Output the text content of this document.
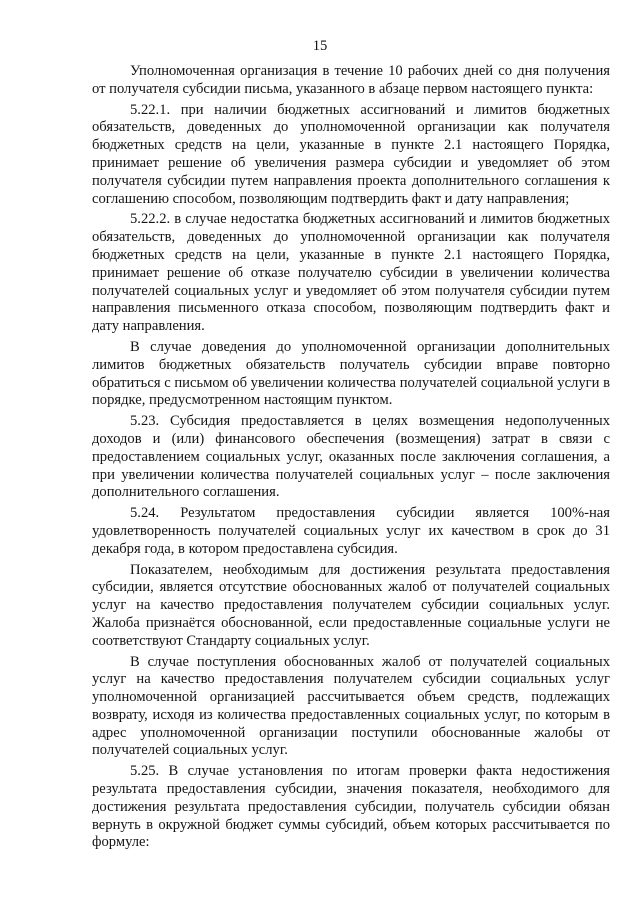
15

Уполномоченная организация в течение 10 рабочих дней со дня получения от получателя субсидии письма, указанного в абзаце первом настоящего пункта:

5.22.1. при наличии бюджетных ассигнований и лимитов бюджетных обязательств, доведенных до уполномоченной организации как получателя бюджетных средств на цели, указанные в пункте 2.1 настоящего Порядка, принимает решение об увеличения размера субсидии и уведомляет об этом получателя субсидии путем направления проекта дополнительного соглашения к соглашению способом, позволяющим подтвердить факт и дату направления;

5.22.2. в случае недостатка бюджетных ассигнований и лимитов бюджетных обязательств, доведенных до уполномоченной организации как получателя бюджетных средств на цели, указанные в пункте 2.1 настоящего Порядка, принимает решение об отказе получателю субсидии в увеличении количества получателей социальных услуг и уведомляет об этом получателя субсидии путем направления письменного отказа способом, позволяющим подтвердить факт и дату направления.

В случае доведения до уполномоченной организации дополнительных лимитов бюджетных обязательств получатель субсидии вправе повторно обратиться с письмом об увеличении количества получателей социальной услуги в порядке, предусмотренном настоящим пунктом.

5.23. Субсидия предоставляется в целях возмещения недополученных доходов и (или) финансового обеспечения (возмещения) затрат в связи с предоставлением социальных услуг, оказанных после заключения соглашения, а при увеличении количества получателей социальных услуг – после заключения дополнительного соглашения.

5.24. Результатом предоставления субсидии является 100%-ная удовлетворенность получателей социальных услуг их качеством в срок до 31 декабря года, в котором предоставлена субсидия.

Показателем, необходимым для достижения результата предоставления субсидии, является отсутствие обоснованных жалоб от получателей социальных услуг на качество предоставления получателем субсидии социальных услуг. Жалоба признаётся обоснованной, если предоставленные социальные услуги не соответствуют Стандарту социальных услуг.

В случае поступления обоснованных жалоб от получателей социальных услуг на качество предоставления получателем субсидии социальных услуг уполномоченной организацией рассчитывается объем средств, подлежащих возврату, исходя из количества предоставленных социальных услуг, по которым в адрес уполномоченной организации поступили обоснованные жалобы от получателей социальных услуг.

5.25. В случае установления по итогам проверки факта недостижения результата предоставления субсидии, значения показателя, необходимого для достижения результата предоставления субсидии, получатель субсидии обязан вернуть в окружной бюджет суммы субсидий, объем которых рассчитывается по формуле:
